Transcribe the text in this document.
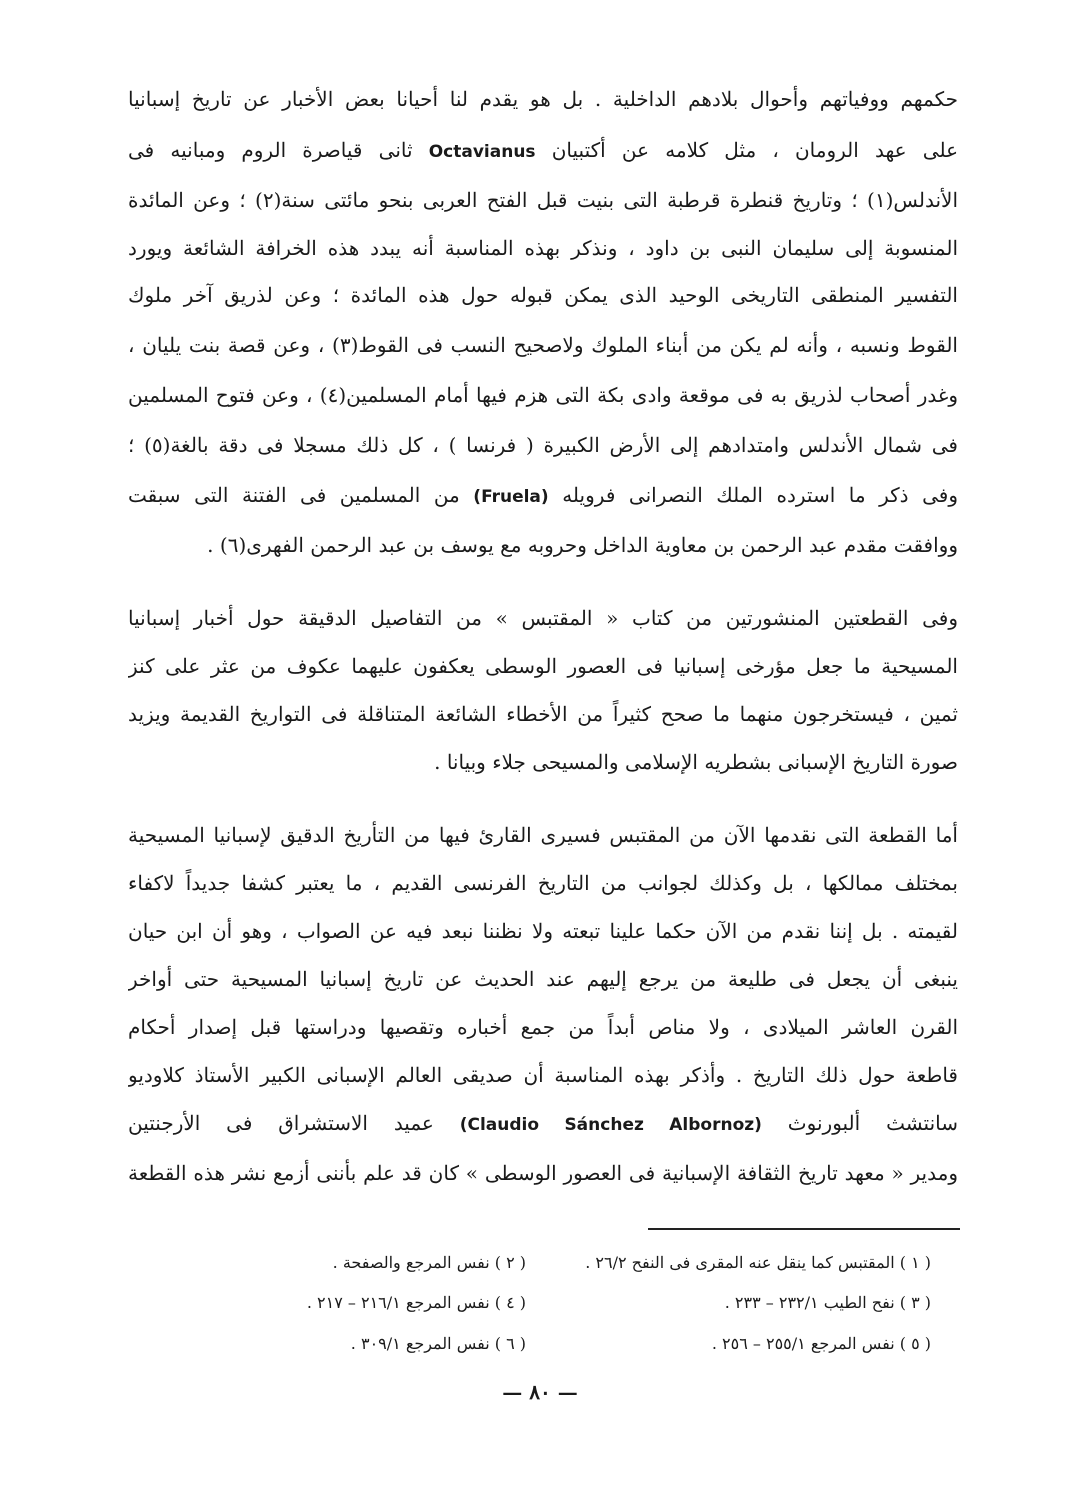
حكمهم ووفياتهم وأحوال بلادهم الداخلية . بل هو يقدم لنا أحيانا بعض الأخبار عن تاريخ إسبانيا
على عهد الرومان ، مثل كلامه عن أكتبيان Octavianus ثانى قياصرة الروم ومبانيه فى
الأندلس(١) ؛ وتاريخ قنطرة قرطبة التى بنيت قبل الفتح العربى بنحو مائتى سنة(٢) ؛ وعن المائدة
المنسوبة إلى سليمان النبى بن داود ، ونذكر بهذه المناسبة أنه يبدد هذه الخرافة الشائعة ويورد
التفسير المنطقى التاريخى الوحيد الذى يمكن قبوله حول هذه المائدة ؛ وعن لذريق آخر ملوك
القوط ونسبه ، وأنه لم يكن من أبناء الملوك ولاصحيح النسب فى القوط(٣) ، وعن قصة بنت يليان ،
وغدر أصحاب لذريق به فى موقعة وادى بكة التى هزم فيها أمام المسلمين(٤) ، وعن فتوح المسلمين
فى شمال الأندلس وامتدادهم إلى الأرض الكبيرة ( فرنسا ) ، كل ذلك مسجلا فى دقة بالغة(٥) ؛
وفى ذكر ما استرده الملك النصرانى فرويله (Fruela) من المسلمين فى الفتنة التى سبقت
ووافقت مقدم عبد الرحمن بن معاوية الداخل وحروبه مع يوسف بن عبد الرحمن الفهرى(٦) .
وفى القطعتين المنشورتين من كتاب « المقتبس » من التفاصيل الدقيقة حول أخبار إسبانيا
المسيحية ما جعل مؤرخى إسبانيا فى العصور الوسطى يعكفون عليهما عكوف من عثر على كنز
ثمين ، فيستخرجون منهما ما صحح كثيراً من الأخطاء الشائعة المتناقلة فى التواريخ القديمة ويزيد
صورة التاريخ الإسبانى بشطريه الإسلامى والمسيحى جلاء وبيانا .
أما القطعة التى نقدمها الآن من المقتبس فسيرى القارئ فيها من التأريخ الدقيق لإسبانيا المسيحية
بمختلف ممالكها ، بل وكذلك لجوانب من التاريخ الفرنسى القديم ، ما يعتبر كشفا جديداً لاكفاء
لقيمته . بل إننا نقدم من الآن حكما علينا تبعته ولا نظننا نبعد فيه عن الصواب ، وهو أن ابن حيان
ينبغى أن يجعل فى طليعة من يرجع إليهم عند الحديث عن تاريخ إسبانيا المسيحية حتى أواخر
القرن العاشر الميلادى ، ولا مناص أبداً من جمع أخباره وتقصيها ودراستها قبل إصدار أحكام
قاطعة حول ذلك التاريخ . وأذكر بهذه المناسبة أن صديقى العالم الإسبانى الكبير الأستاذ كلاوديو
سانتشث ألبورنوث (Claudio Sánchez Albornoz) عميد الاستشراق فى الأرجنتين
ومدير « معهد تاريخ الثقافة الإسبانية فى العصور الوسطى » كان قد علم بأننى أزمع نشر هذه القطعة
( ١ ) المقتبس كما ينقل عنه المقرى فى النفح ٢٦/٢ .
( ٢ ) نفس المرجع والصفحة .
( ٣ ) نفح الطيب ٢٣٢/١ – ٢٣٣ .
( ٤ ) نفس المرجع ٢١٦/١ – ٢١٧ .
( ٥ ) نفس المرجع ٢٥٥/١ – ٢٥٦ .
( ٦ ) نفس المرجع ٣٠٩/١ .
— ٨٠ —
